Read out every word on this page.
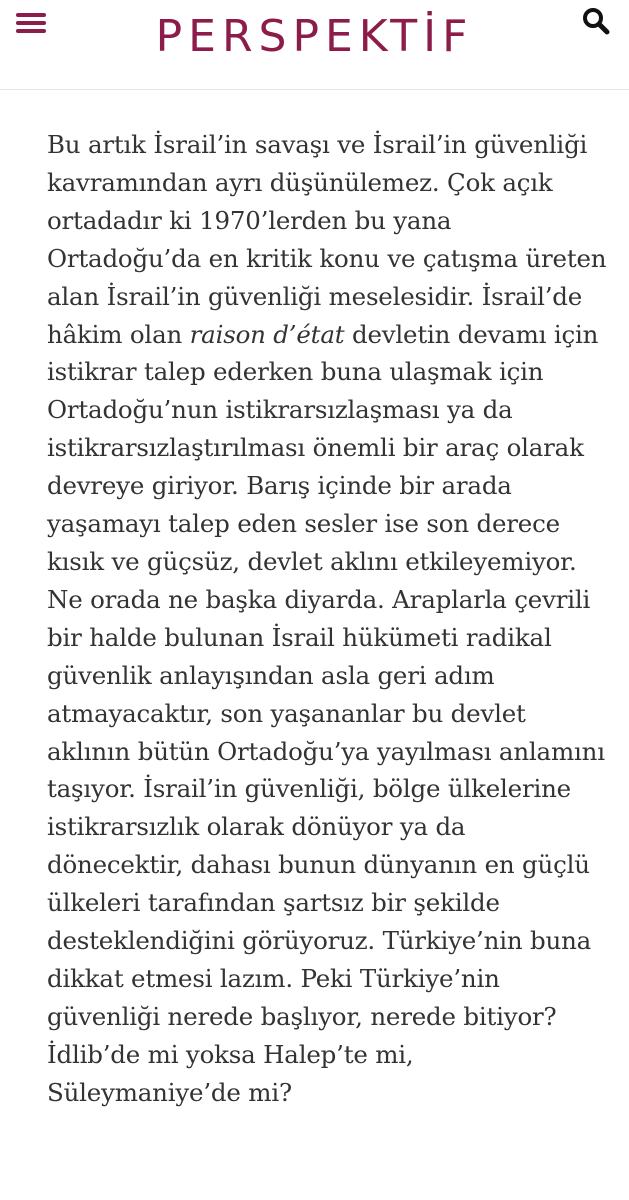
PERSPEKTİF

Bu artık İsrail’in savaşı ve İsrail’in güvenliği kavramından ayrı düşünülemez. Çok açık ortadadır ki 1970’lerden bu yana Ortadoğu’da en kritik konu ve çatışma üreten alan İsrail’in güvenliği meselesidir. İsrail’de hâkim olan raison d’état devletin devamı için istikrar talep ederken buna ulaşmak için Ortadoğu’nun istikrarsızlaşması ya da istikrarsızlaştırılması önemli bir araç olarak devreye giriyor. Barış içinde bir arada yaşamayı talep eden sesler ise son derece kısık ve güçsüz, devlet aklını etkileyemiyor. Ne orada ne başka diyarda. Araplarla çevrili bir halde bulunan İsrail hükümeti radikal güvenlik anlayışından asla geri adım atmayacaktır, son yaşananlar bu devlet aklının bütün Ortadoğu’ya yayılması anlamını taşıyor. İsrail’in güvenliği, bölge ülkelerine istikrarsızlık olarak dönüyor ya da dönecektir, dahası bunun dünyanın en güçlü ülkeleri tarafından şartsız bir şekilde desteklendiğini görüyoruz. Türkiye’nin buna dikkat etmesi lazım. Peki Türkiye’nin güvenliği nerede başlıyor, nerede bitiyor? İdlib’de mi yoksa Halep’te mi, Süleymaniye’de mi?
